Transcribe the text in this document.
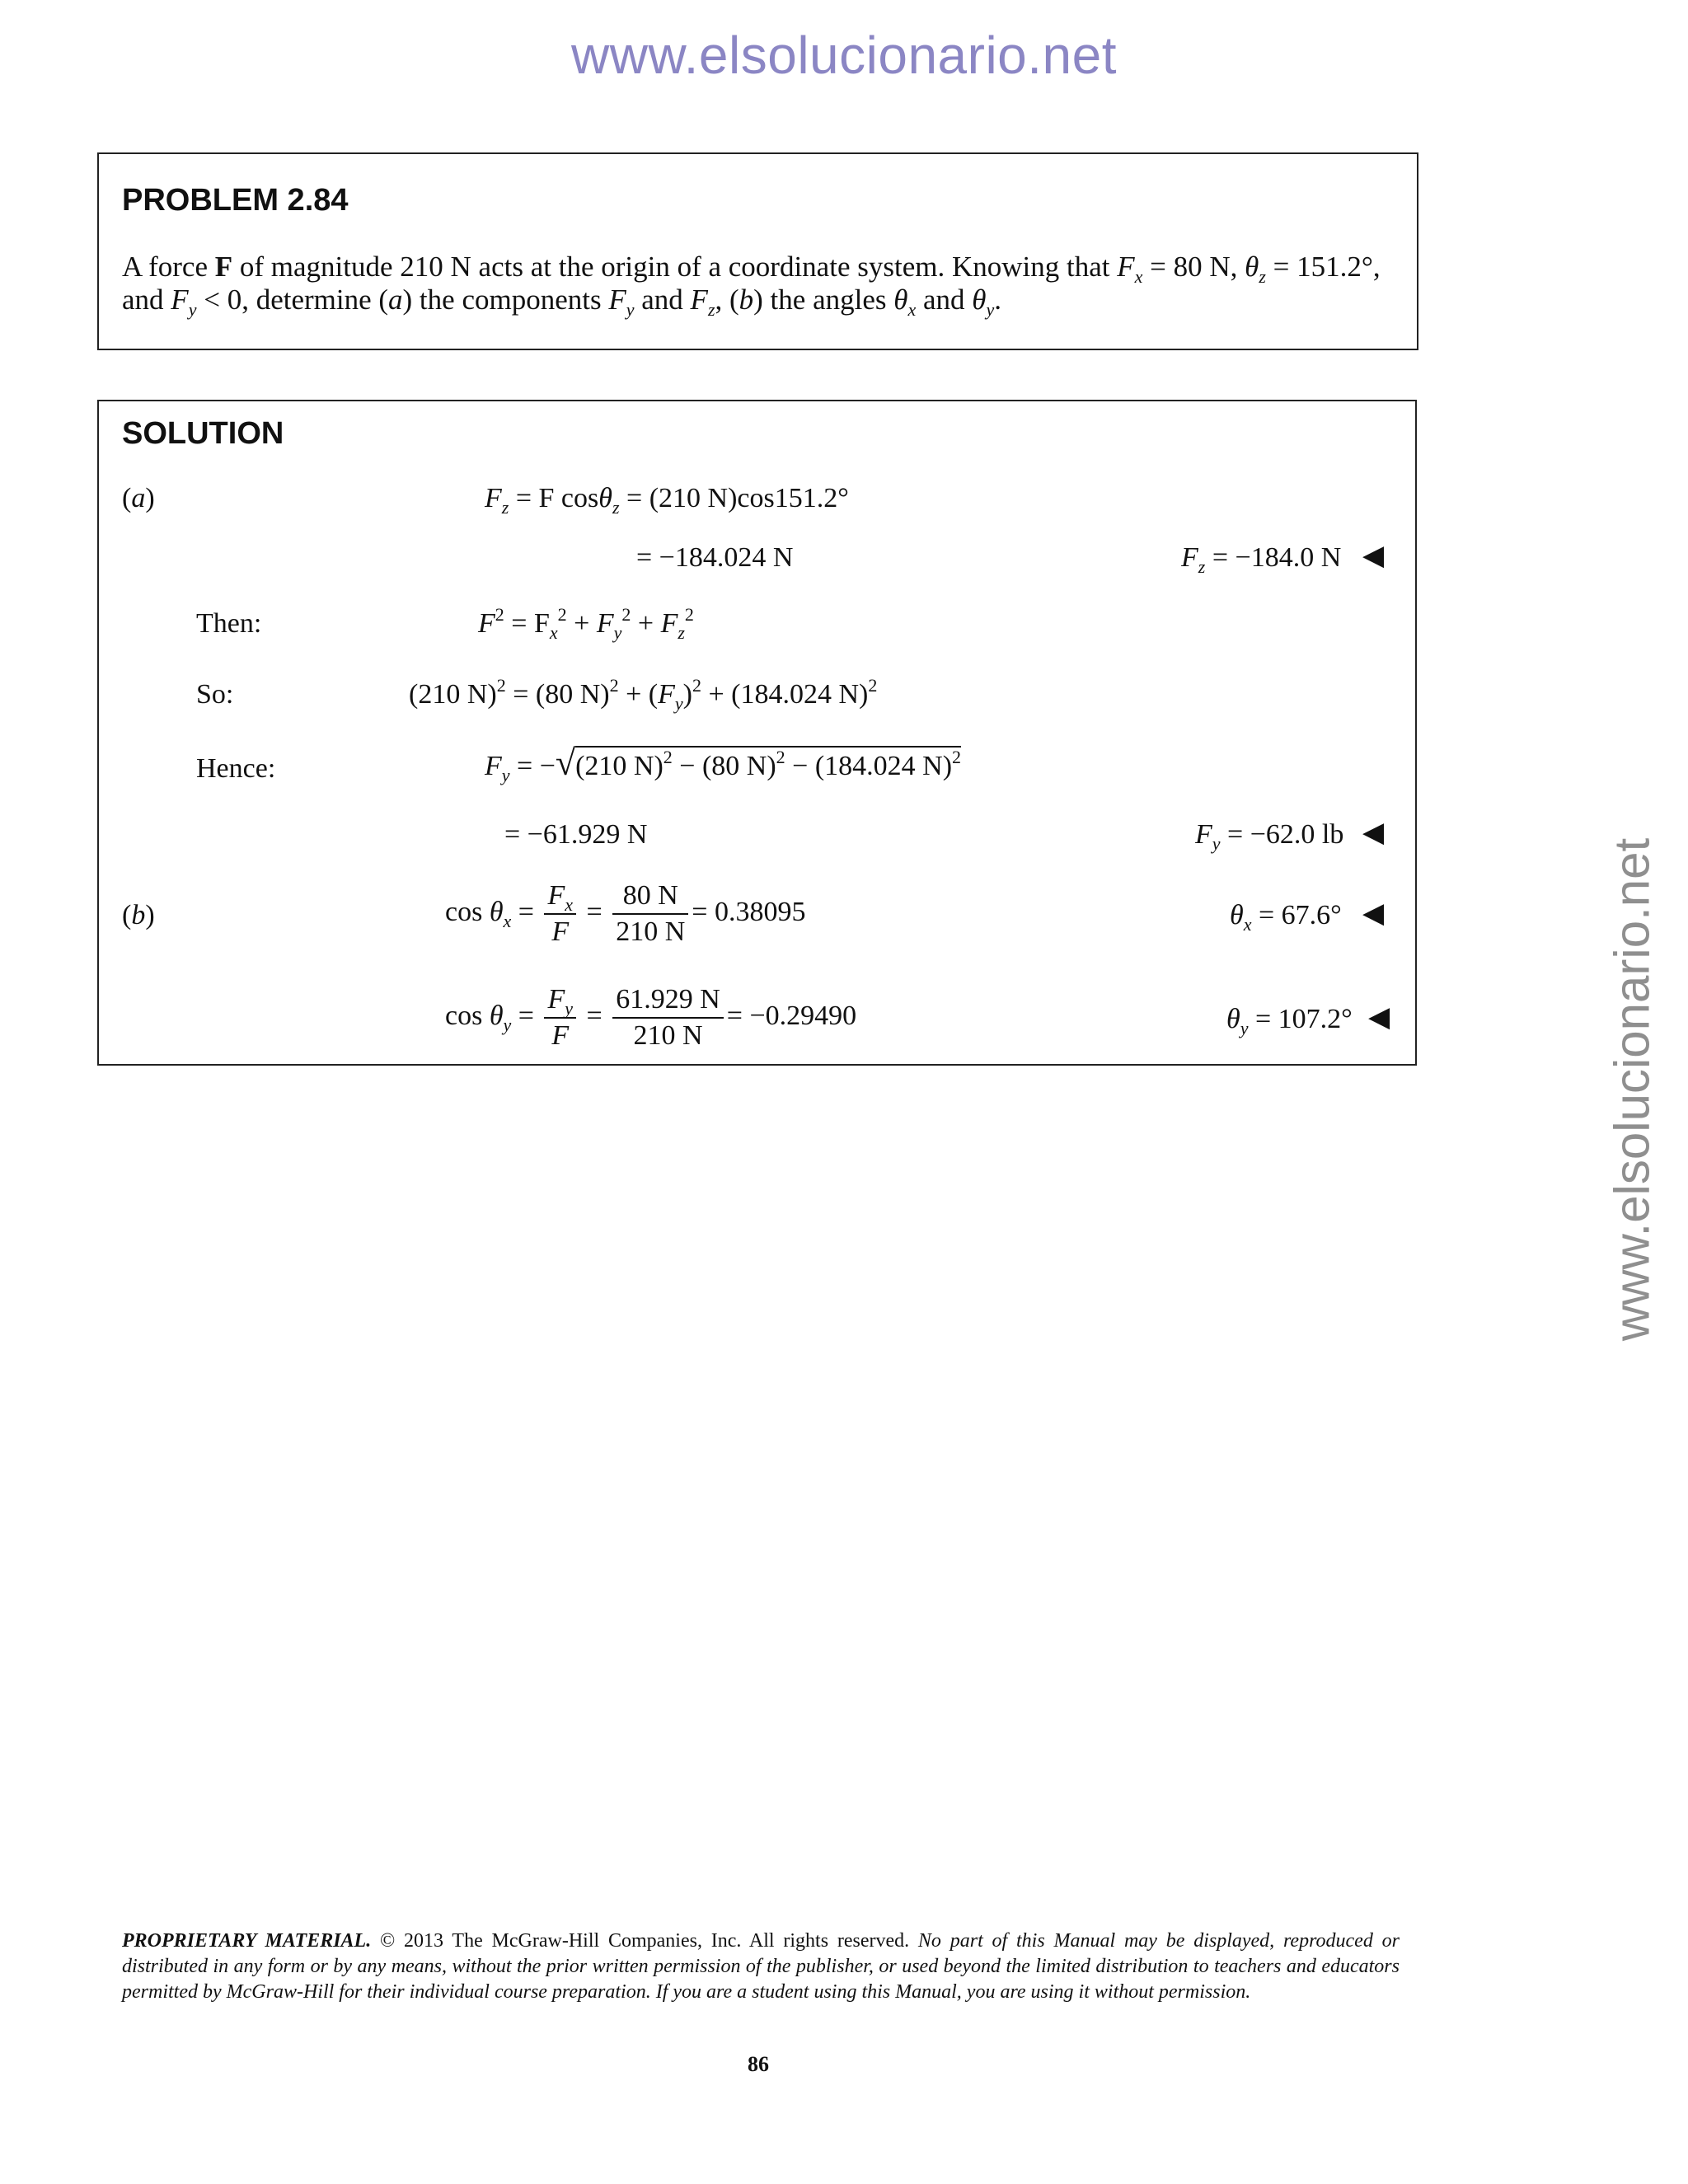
www.elsolucionario.net
www.elsolucionario.net
PROBLEM 2.84
A force F of magnitude 210 N acts at the origin of a coordinate system. Knowing that $F_x = 80$ N, $\theta_z = 151.2^\circ$,
and $F_y < 0$, determine (a) the components $F_y$ and $F_z$, (b) the angles $\theta_x$ and $\theta_y$.
SOLUTION
(a)	$F_z = F$ cosθ$_z$ = (210 N)cos151.2°
= −184.024 N	$F_z = -184.0$ N ◀
Then:	$F^2 = F_x^2 + F_y^2 + F_z^2$
So:	(210 N)$^2$ = (80 $N)^2 + (F_y)^2 + (184.024$ N)$^2$
Hence:	$F_y = -√(210$ N)$^2$ − (80 N)$^2$ − (184.024 N)$^2$
= −61.929 N	$F_y = -62.0$ lb ◀
(b)	$\cos \theta_x = \frac{F_x}{F} = \frac{80 N}{210 N} = 0.38095$	$\theta_x = 67.6^\circ$ ◀
$\cos \theta_y = \frac{F_y}{F} = \frac{61.929 N}{210 N} = -0.29490$	$\theta_y = 107.2^\circ$ ◀
PROPRIETARY MATERIAL. © 2013 The McGraw-Hill Companies, Inc. All rights reserved. No part of this Manual may be displayed, reproduced or distributed in any form or by any means, without the prior written permission of the publisher, or used beyond the limited distribution to teachers and educators permitted by McGraw-Hill for their individual course preparation. If you are a student using this Manual, you are using it without permission.
86
